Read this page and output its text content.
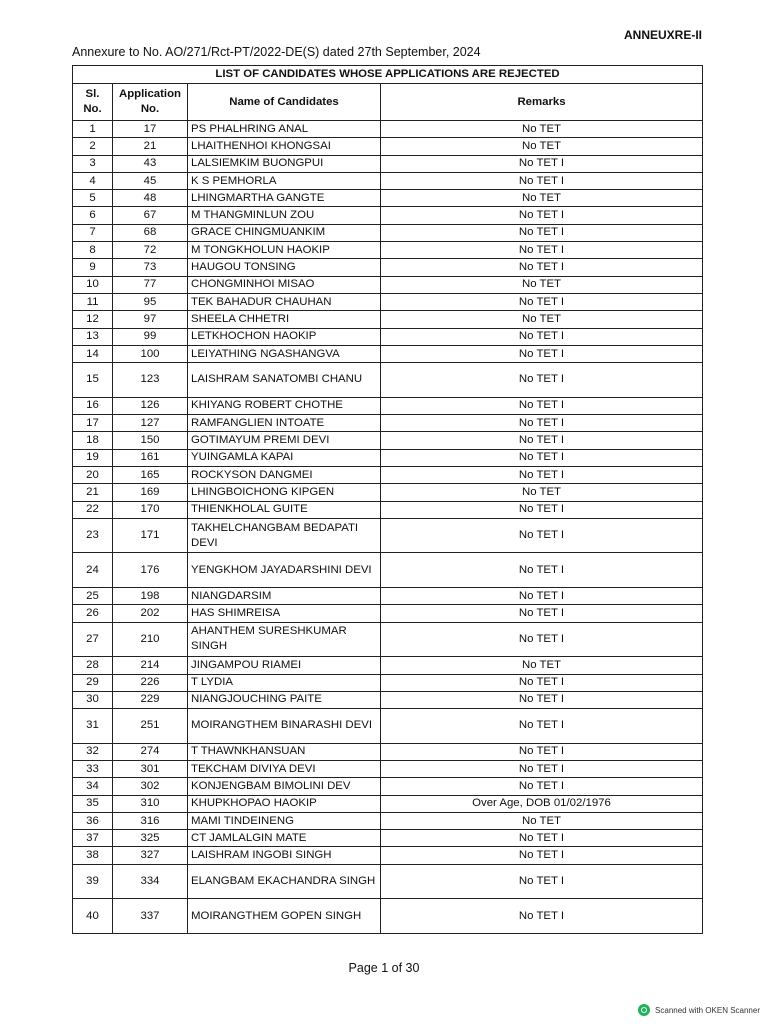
ANNEUXRE-II
Annexure to No. AO/271/Rct-PT/2022-DE(S) dated 27th September, 2024
LIST OF CANDIDATES WHOSE APPLICATIONS ARE REJECTED			
Sl. No.	Application No.	Name of Candidates	Remarks
1	17	PS PHALHRING ANAL	No TET
2	21	LHAITHENHOI KHONGSAI	No TET
3	43	LALSIEMKIM BUONGPUI	No TET I
4	45	K S PEMHORLA	No TET I
5	48	LHINGMARTHA GANGTE	No TET
6	67	M THANGMINLUN ZOU	No TET I
7	68	GRACE CHINGMUANKIM	No TET I
8	72	M TONGKHOLUN HAOKIP	No TET I
9	73	HAUGOU TONSING	No TET I
10	77	CHONGMINHOI MISAO	No TET
11	95	TEK BAHADUR CHAUHAN	No TET I
12	97	SHEELA CHHETRI	No TET
13	99	LETKHOCHON HAOKIP	No TET I
14	100	LEIYATHING NGASHANGVA	No TET I
15	123	LAISHRAM SANATOMBI CHANU	No TET I
16	126	KHIYANG ROBERT CHOTHE	No TET I
17	127	RAMFANGLIEN INTOATE	No TET I
18	150	GOTIMAYUM PREMI DEVI	No TET I
19	161	YUINGAMLA KAPAI	No TET I
20	165	ROCKYSON DANGMEI	No TET I
21	169	LHINGBOICHONG KIPGEN	No TET
22	170	THIENKHOLAL GUITE	No TET I
23	171	TAKHELCHANGBAM BEDAPATI DEVI	No TET I
24	176	YENGKHOM JAYADARSHINI DEVI	No TET I
25	198	NIANGDARSIM	No TET I
26	202	HAS SHIMREISA	No TET I
27	210	AHANTHEM SURESHKUMAR SINGH	No TET I
28	214	JINGAMPOU RIAMEI	No TET
29	226	T LYDIA	No TET I
30	229	NIANGJOUCHING PAITE	No TET I
31	251	MOIRANGTHEM BINARASHI DEVI	No TET I
32	274	T THAWNKHANSUAN	No TET I
33	301	TEKCHAM DIVIYA DEVI	No TET I
34	302	KONJENGBAM BIMOLINI DEV	No TET I
35	310	KHUPKHOPAO HAOKIP	Over Age, DOB 01/02/1976
36	316	MAMI TINDEINENG	No TET
37	325	CT JAMLALGIN MATE	No TET I
38	327	LAISHRAM INGOBI SINGH	No TET I
39	334	ELANGBAM EKACHANDRA SINGH	No TET I
40	337	MOIRANGTHEM GOPEN SINGH	No TET I
Page 1 of 30
Scanned with OKEN Scanner
